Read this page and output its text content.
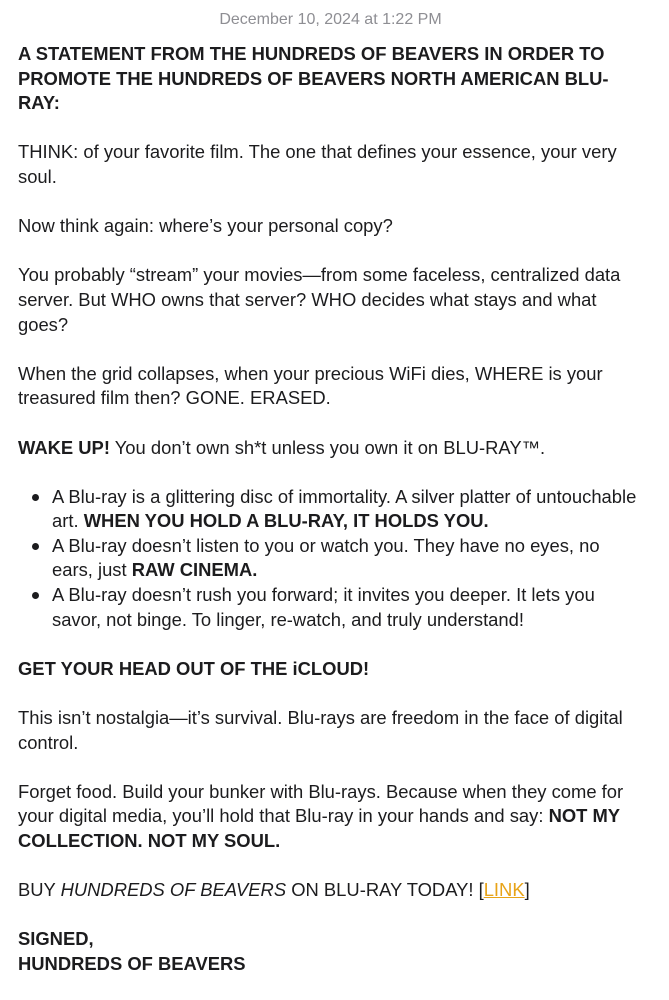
December 10, 2024 at 1:22 PM

A STATEMENT FROM THE HUNDREDS OF BEAVERS IN ORDER TO PROMOTE THE HUNDREDS OF BEAVERS NORTH AMERICAN BLU-RAY:

THINK: of your favorite film. The one that defines your essence, your very soul.

Now think again: where’s your personal copy?

You probably “stream” your movies—from some faceless, centralized data server. But WHO owns that server? WHO decides what stays and what goes?

When the grid collapses, when your precious WiFi dies, WHERE is your treasured film then? GONE. ERASED.

WAKE UP! You don’t own sh*t unless you own it on BLU-RAY™.

A Blu-ray is a glittering disc of immortality. A silver platter of untouchable art. WHEN YOU HOLD A BLU-RAY, IT HOLDS YOU.
A Blu-ray doesn’t listen to you or watch you. They have no eyes, no ears, just RAW CINEMA.
A Blu-ray doesn’t rush you forward; it invites you deeper. It lets you savor, not binge. To linger, re-watch, and truly understand!

GET YOUR HEAD OUT OF THE iCLOUD!

This isn’t nostalgia—it’s survival. Blu-rays are freedom in the face of digital control.

Forget food. Build your bunker with Blu-rays. Because when they come for your digital media, you’ll hold that Blu-ray in your hands and say: NOT MY COLLECTION. NOT MY SOUL.

BUY HUNDREDS OF BEAVERS ON BLU-RAY TODAY! [LINK]

SIGNED,

HUNDREDS OF BEAVERS
